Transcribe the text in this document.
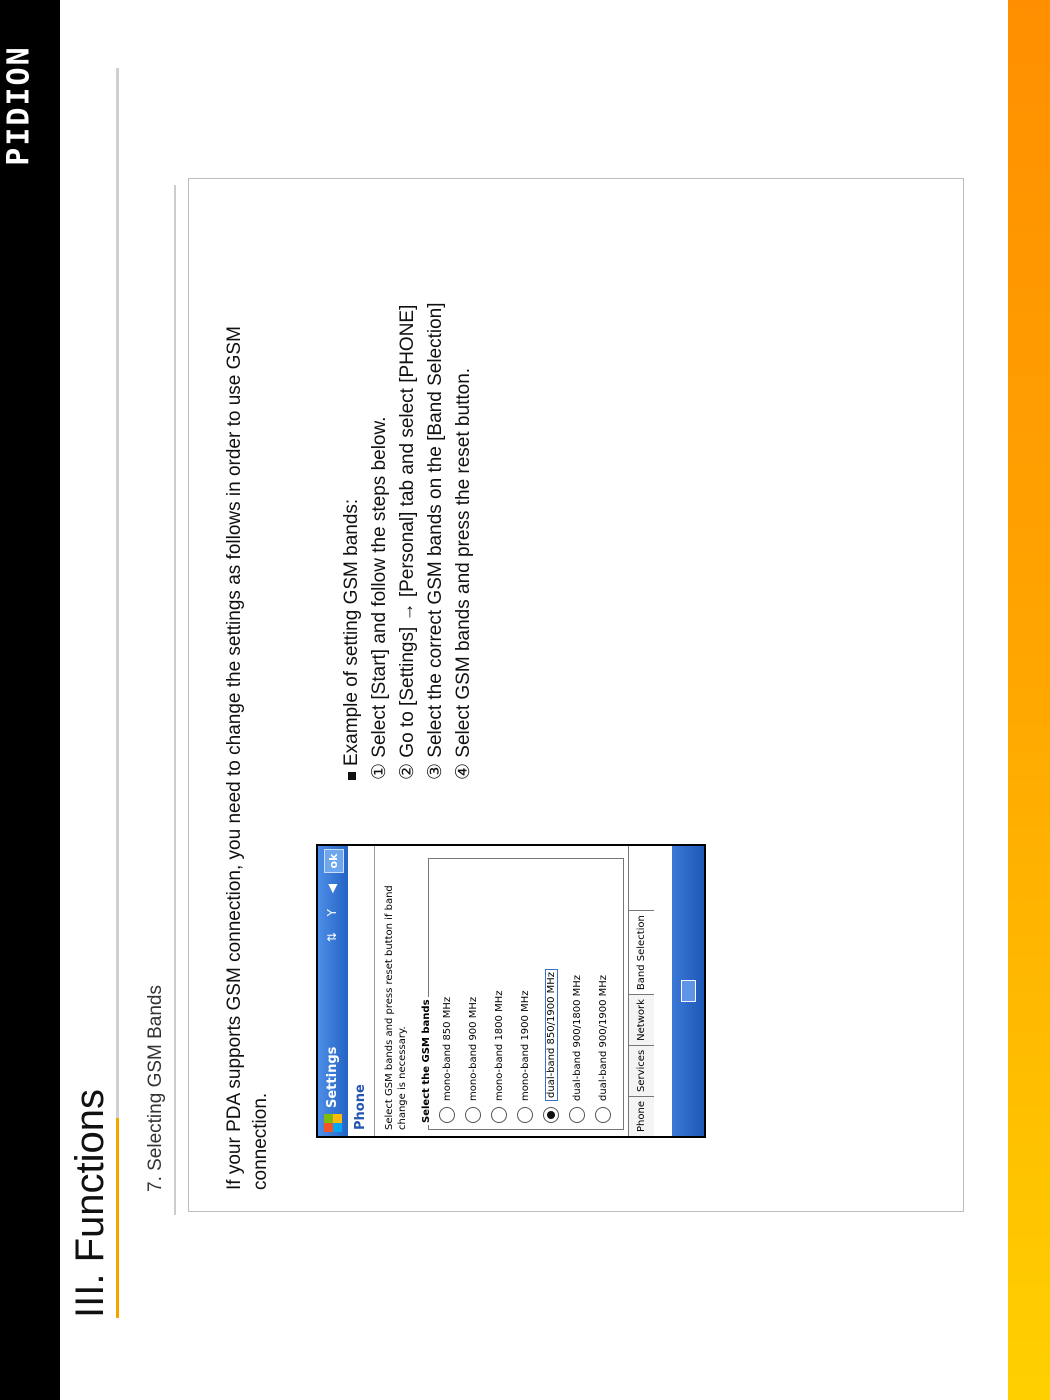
PIDION
III. Functions
7. Selecting GSM Bands	If your PDA supports GSM connection, you need to change the settings as follows in order to use GSM connection.
Example of setting GSM bands: ① Select [Start] and follow the steps below. ② Go to [Settings] → [Personal] tab and select [PHONE] ③ Select the correct GSM bands on the [Band Selection] ④ Select GSM bands and press the reset button.
Settings
⇅ Y ◀
ok
Phone	Select GSM bands and press reset button if band change is necessary.	Select the GSM bands	mono-band 850 MHz	mono-band 900 MHz	mono-band 1800 MHz	mono-band 1900 MHz	dual-band 850/1900 MHz	dual-band 900/1800 MHz	dual-band 900/1900 MHz
PhoneServicesNetworkBand Selection
